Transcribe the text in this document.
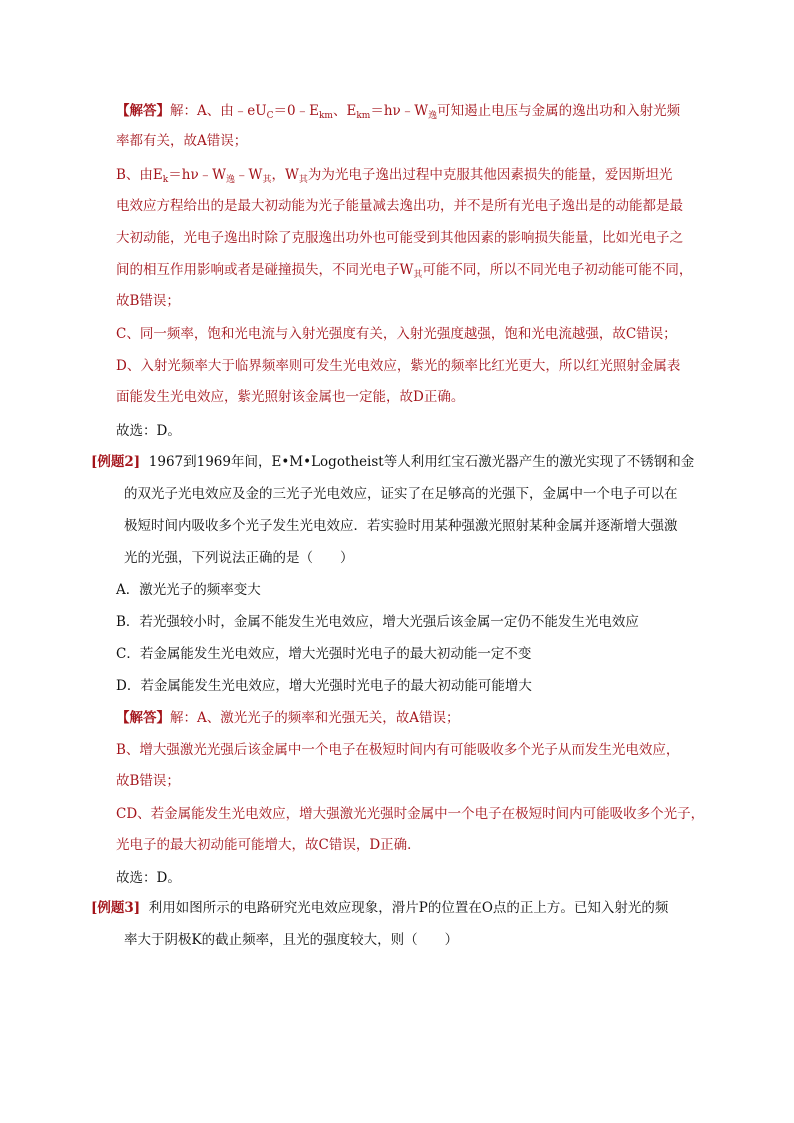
【解答】解：A、由$﹣eU_C=0﹣E_{km}$、$E_{km}=h\nu﹣W_逸$可知遏止电压与金属的逸出功和入射光频
率都有关，故A错误；
B、由$E_k=h\nu﹣W_逸﹣W_其$，$W_其$为为光电子逸出过程中克服其他因素损失的能量，爱因斯坦光
电效应方程给出的是最大初动能为光子能量减去逸出功，并不是所有光电子逸出是的动能都是最
大初动能，光电子逸出时除了克服逸出功外也可能受到其他因素的影响损失能量，比如光电子之
间的相互作用影响或者是碰撞损失，不同光电子$W_其$可能不同，所以不同光电子初动能可能不同，
故B错误；
C、同一频率，饱和光电流与入射光强度有关，入射光强度越强，饱和光电流越强，故C错误；
D、入射光频率大于临界频率则可发生光电效应，紫光的频率比红光更大，所以红光照射金属表
面能发生光电效应，紫光照射该金属也一定能，故D正确。
故选：D。
[例题2] 1967到1969年间，E•M•Logotheist等人利用红宝石激光器产生的激光实现了不锈钢和金
的双光子光电效应及金的三光子光电效应，证实了在足够高的光强下，金属中一个电子可以在
极短时间内吸收多个光子发生光电效应．若实验时用某种强激光照射某种金属并逐渐增大强激
光的光强，下列说法正确的是（　　）
A．激光光子的频率变大
B．若光强较小时，金属不能发生光电效应，增大光强后该金属一定仍不能发生光电效应
C．若金属能发生光电效应，增大光强时光电子的最大初动能一定不变
D．若金属能发生光电效应，增大光强时光电子的最大初动能可能增大
【解答】解：A、激光光子的频率和光强无关，故A错误；
B、增大强激光光强后该金属中一个电子在极短时间内有可能吸收多个光子从而发生光电效应，
故B错误；
CD、若金属能发生光电效应，增大强激光光强时金属中一个电子在极短时间内可能吸收多个光子，
光电子的最大初动能可能增大，故C错误，D正确．
故选：D。
[例题3] 利用如图所示的电路研究光电效应现象，滑片P的位置在O点的正上方。已知入射光的频
率大于阴极K的截止频率，且光的强度较大，则（　　）
